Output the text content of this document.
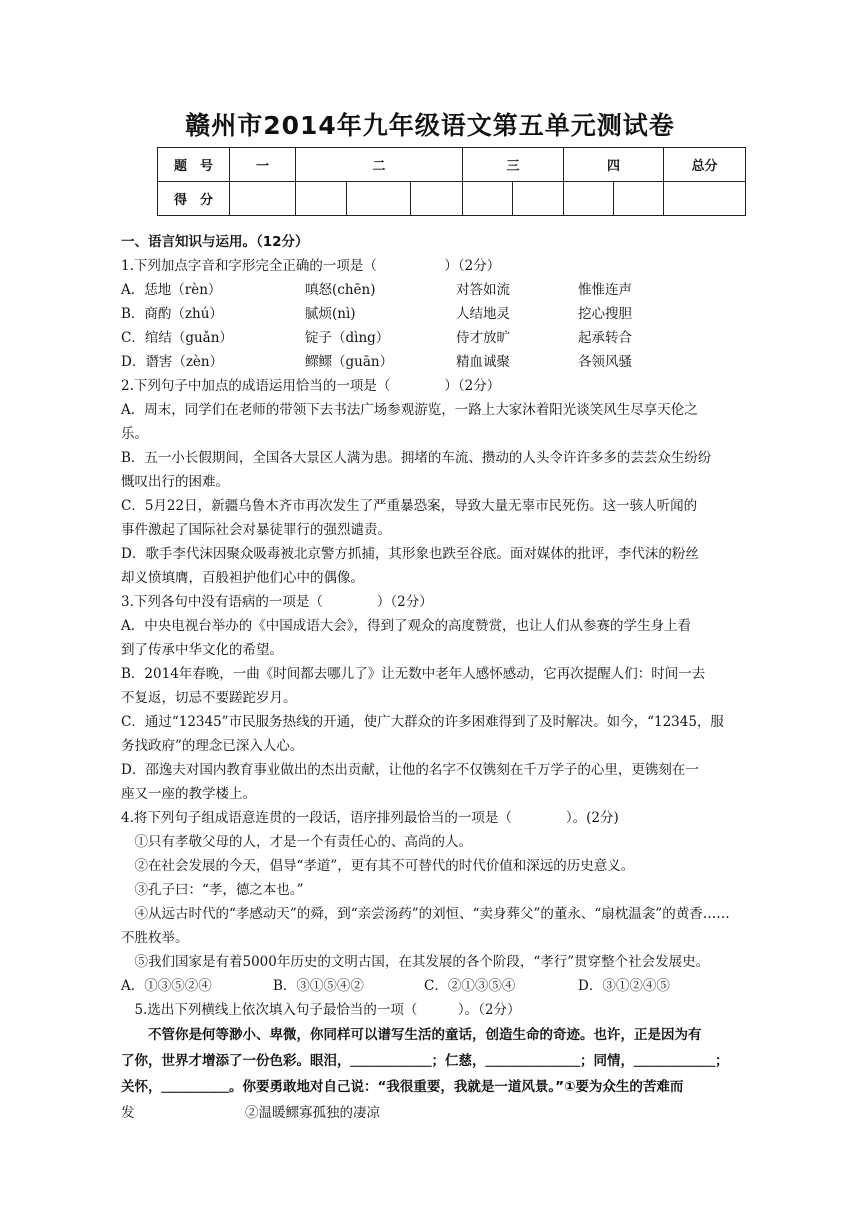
赣州市2014年九年级语文第五单元测试卷
题　号	一	二			三		四		总分
得　分									
一、语言知识与运用。（12分）
1.下列加点字音和字形完全正确的一项是（　　　　　）（2分）
A．恁地（rèn）	嗔怒(chēn)	对答如流	惟惟连声
B．商酌（zhú）	腻烦(nì)	人结地灵	挖心搜胆
C．绾结（guǎn）	锭子（dìng）	侍才放旷	起承转合
D．谮害（zèn）	鳏鳏（guān）	精血诚聚	各领风骚
2.下列句子中加点的成语运用恰当的一项是（　　　　）（2分）
A．周末，同学们在老师的带领下去书法广场参观游览，一路上大家沐着阳光谈笑风生尽享天伦之
乐。
B．五一小长假期间，全国各大景区人满为患。拥堵的车流、攒动的人头令许许多多的芸芸众生纷纷
慨叹出行的困难。
C．5月22日，新疆乌鲁木齐市再次发生了严重暴恐案，导致大量无辜市民死伤。这一骇人听闻的
事件激起了国际社会对暴徒罪行的强烈谴责。
D．歌手李代沫因聚众吸毒被北京警方抓捕，其形象也跌至谷底。面对媒体的批评，李代沫的粉丝
却义愤填膺，百般袒护他们心中的偶像。
3.下列各句中没有语病的一项是（　　　　）（2分）
A．中央电视台举办的《中国成语大会》，得到了观众的高度赞赏，也让人们从参赛的学生身上看
到了传承中华文化的希望。
B．2014年春晚，一曲《时间都去哪儿了》让无数中老年人感怀感动，它再次提醒人们：时间一去
不复返，切忌不要蹉跎岁月。
C．通过“12345”市民服务热线的开通，使广大群众的许多困难得到了及时解决。如今，“12345，服
务找政府”的理念已深入人心。
D．邵逸夫对国内教育事业做出的杰出贡献，让他的名字不仅镌刻在千万学子的心里，更镌刻在一
座又一座的教学楼上。
4.将下列句子组成语意连贯的一段话，语序排列最恰当的一项是（　　　　）。(2分)
　①只有孝敬父母的人，才是一个有责任心的、高尚的人。
　②在社会发展的今天，倡导“孝道”，更有其不可替代的时代价值和深远的历史意义。
　③孔子曰：“孝，德之本也。”
　④从远古时代的“孝感动天”的舜，到“亲尝汤药”的刘恒、“卖身葬父”的董永、“扇枕温衾”的黄香……
不胜枚举。
　⑤我们国家是有着5000年历史的文明古国，在其发展的各个阶段，“孝行”贯穿整个社会发展史。
A．①③⑤②④	B．③①⑤④②	C．②①③⑤④	D．③①②④⑤
　5.选出下列横线上依次填入句子最恰当的一项（　　　）。（2分）
　　不管你是何等渺小、卑微，你同样可以谱写生活的童话，创造生命的奇迹。也许，正是因为有
了你，世界才增添了一份色彩。眼泪，＿＿＿＿＿＿；仁慈，＿＿＿＿＿＿＿；同情，＿＿＿＿＿＿；
关怀，＿＿＿＿＿。你要勇敢地对自己说：“我很重要，我就是一道风景。”①要为众生的苦难而
发	②温暖鳏寡孤独的凄凉
